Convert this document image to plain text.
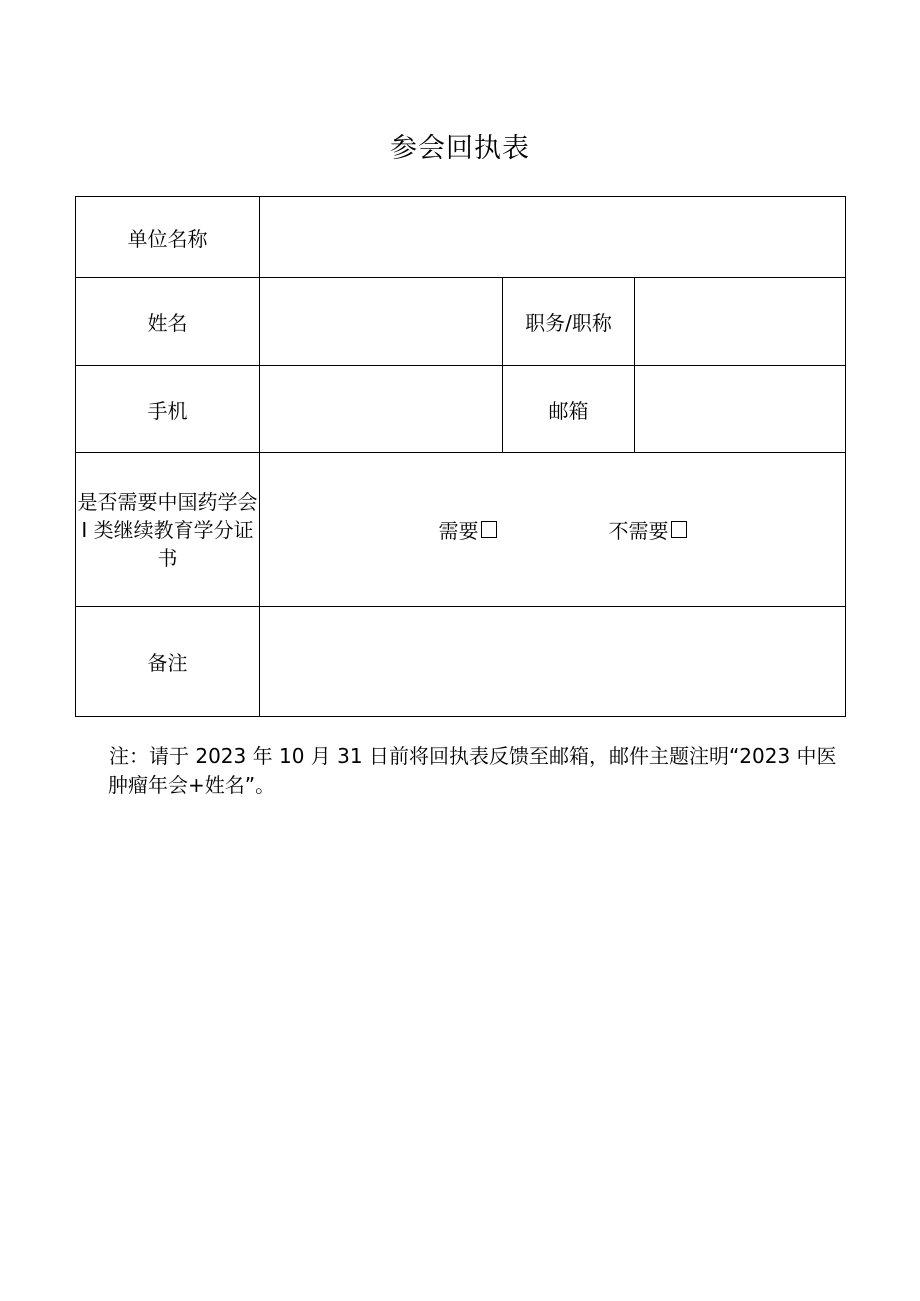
参会回执表
单位名称			
姓名		职务/职称	
手机		邮箱	
是否需要中国药学会 I 类继续教育学分证书	需要 不需要		

备注			
注：请于 2023 年 10 月 31 日前将回执表反馈至邮箱，邮件主题注明“2023 中医
肿瘤年会+姓名”。
